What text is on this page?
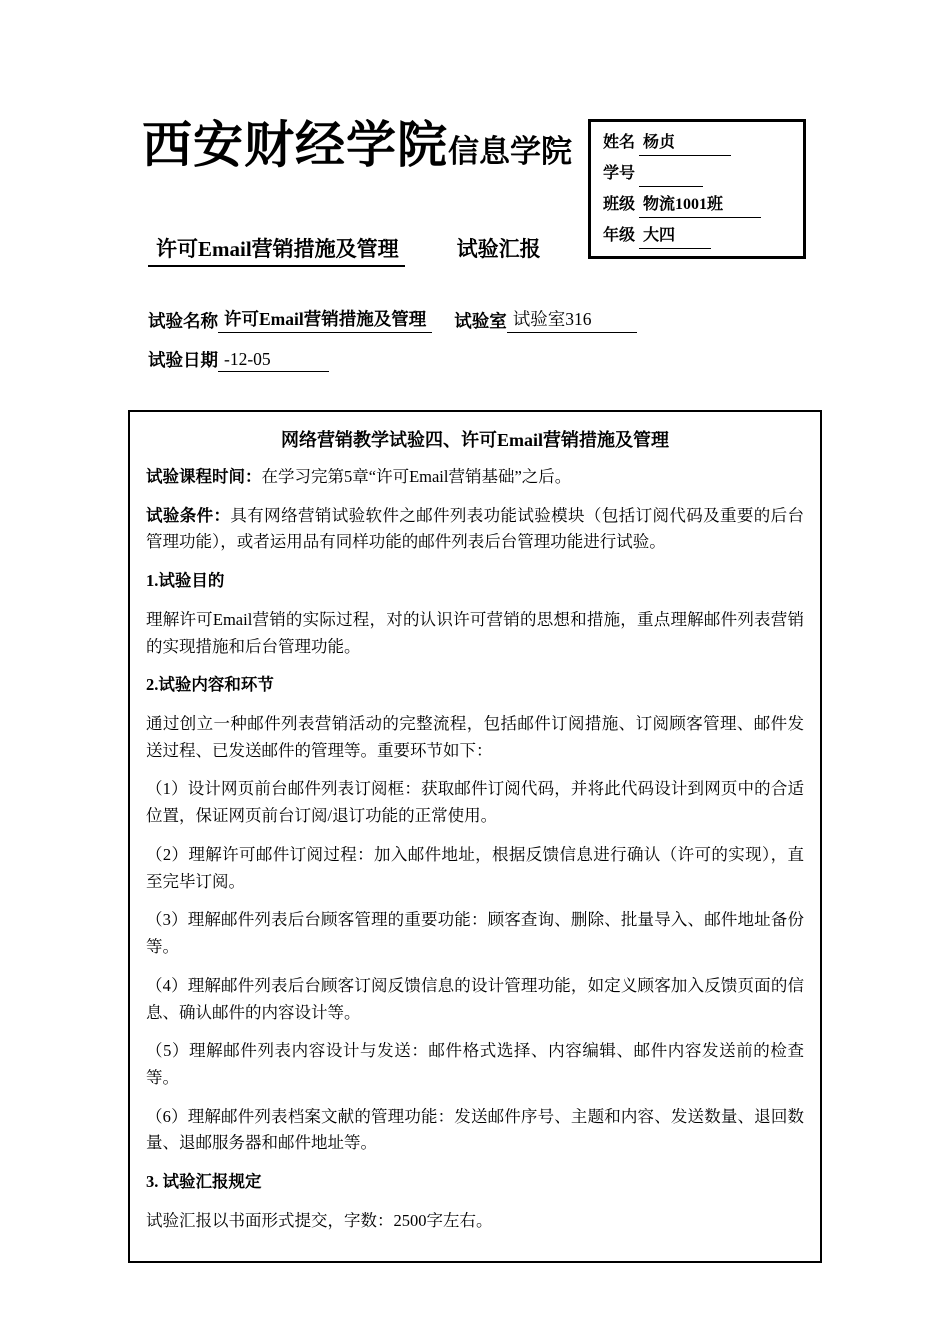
西安财经学院信息学院 姓名 杨贞
学号
班级 物流1001班
年级 大四
许可Email营销措施及管理	试验汇报
试验名称 许可Email营销措施及管理 试验室 试验室316
试验日期 -12-05
网络营销教学试验四、许可Email营销措施及管理

试验课程时间：在学习完第5章“许可Email营销基础”之后。

试验条件：具有网络营销试验软件之邮件列表功能试验模块（包括订阅代码及重要的后台管理功能），或者运用品有同样功能的邮件列表后台管理功能进行试验。

1.试验目的

理解许可Email营销的实际过程，对的认识许可营销的思想和措施，重点理解邮件列表营销的实现措施和后台管理功能。

2.试验内容和环节

通过创立一种邮件列表营销活动的完整流程，包括邮件订阅措施、订阅顾客管理、邮件发送过程、已发送邮件的管理等。重要环节如下：

（1）设计网页前台邮件列表订阅框：获取邮件订阅代码，并将此代码设计到网页中的合适位置，保证网页前台订阅/退订功能的正常使用。

（2）理解许可邮件订阅过程：加入邮件地址，根据反馈信息进行确认（许可的实现），直至完毕订阅。

（3）理解邮件列表后台顾客管理的重要功能：顾客查询、删除、批量导入、邮件地址备份等。

（4）理解邮件列表后台顾客订阅反馈信息的设计管理功能，如定义顾客加入反馈页面的信息、确认邮件的内容设计等。

（5）理解邮件列表内容设计与发送：邮件格式选择、内容编辑、邮件内容发送前的检查等。

（6）理解邮件列表档案文献的管理功能：发送邮件序号、主题和内容、发送数量、退回数量、退邮服务器和邮件地址等。

3. 试验汇报规定

试验汇报以书面形式提交，字数：2500字左右。
